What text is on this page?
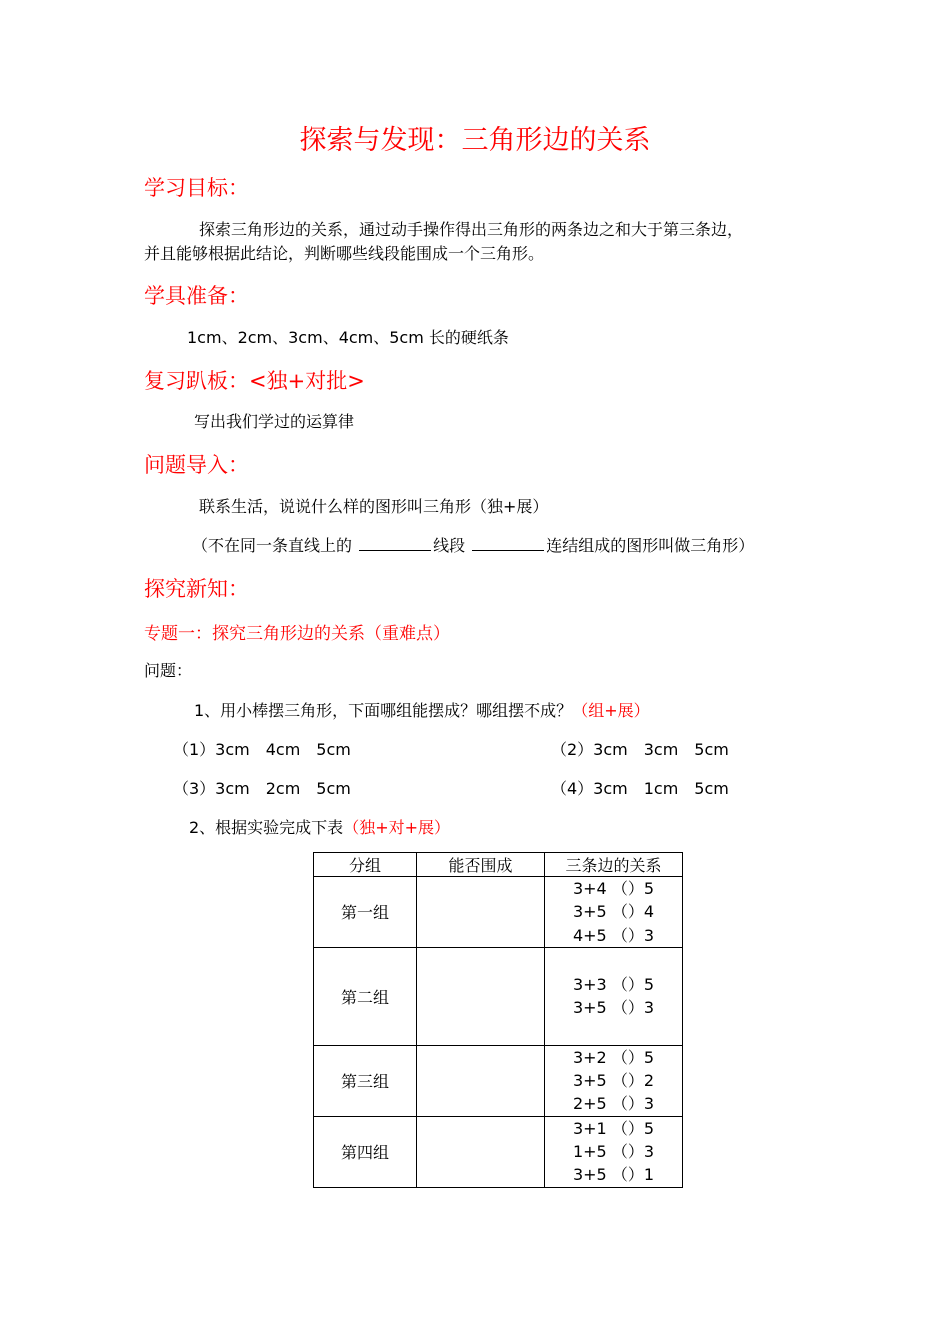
探索与发现：三角形边的关系
学习目标：
探索三角形边的关系，通过动手操作得出三角形的两条边之和大于第三条边，
并且能够根据此结论，判断哪些线段能围成一个三角形。
学具准备：
1cm、2cm、3cm、4cm、5cm 长的硬纸条
复习趴板：<独+对批>
写出我们学过的运算律
问题导入：
联系生活，说说什么样的图形叫三角形（独+展）
（不在同一条直线上的	线段	连结组成的图形叫做三角形）
探究新知：
专题一：探究三角形边的关系（重难点）
问题：
1、用小棒摆三角形，下面哪组能摆成？哪组摆不成？（组+展）
（1）3cm　4cm　5cm	（2）3cm　3cm　5cm
（3）3cm　2cm　5cm	（4）3cm　1cm　5cm
2、根据实验完成下表（独+对+展）
分组	能否围成	三条边的关系
第一组		3+4 （）5
3+5 （）4
4+5 （）3

第二组		3+3 （）5
3+5 （）3

第三组		3+2 （）5
3+5 （）2
2+5 （）3

第四组		3+1 （）5
1+5 （）3
3+5 （）1
